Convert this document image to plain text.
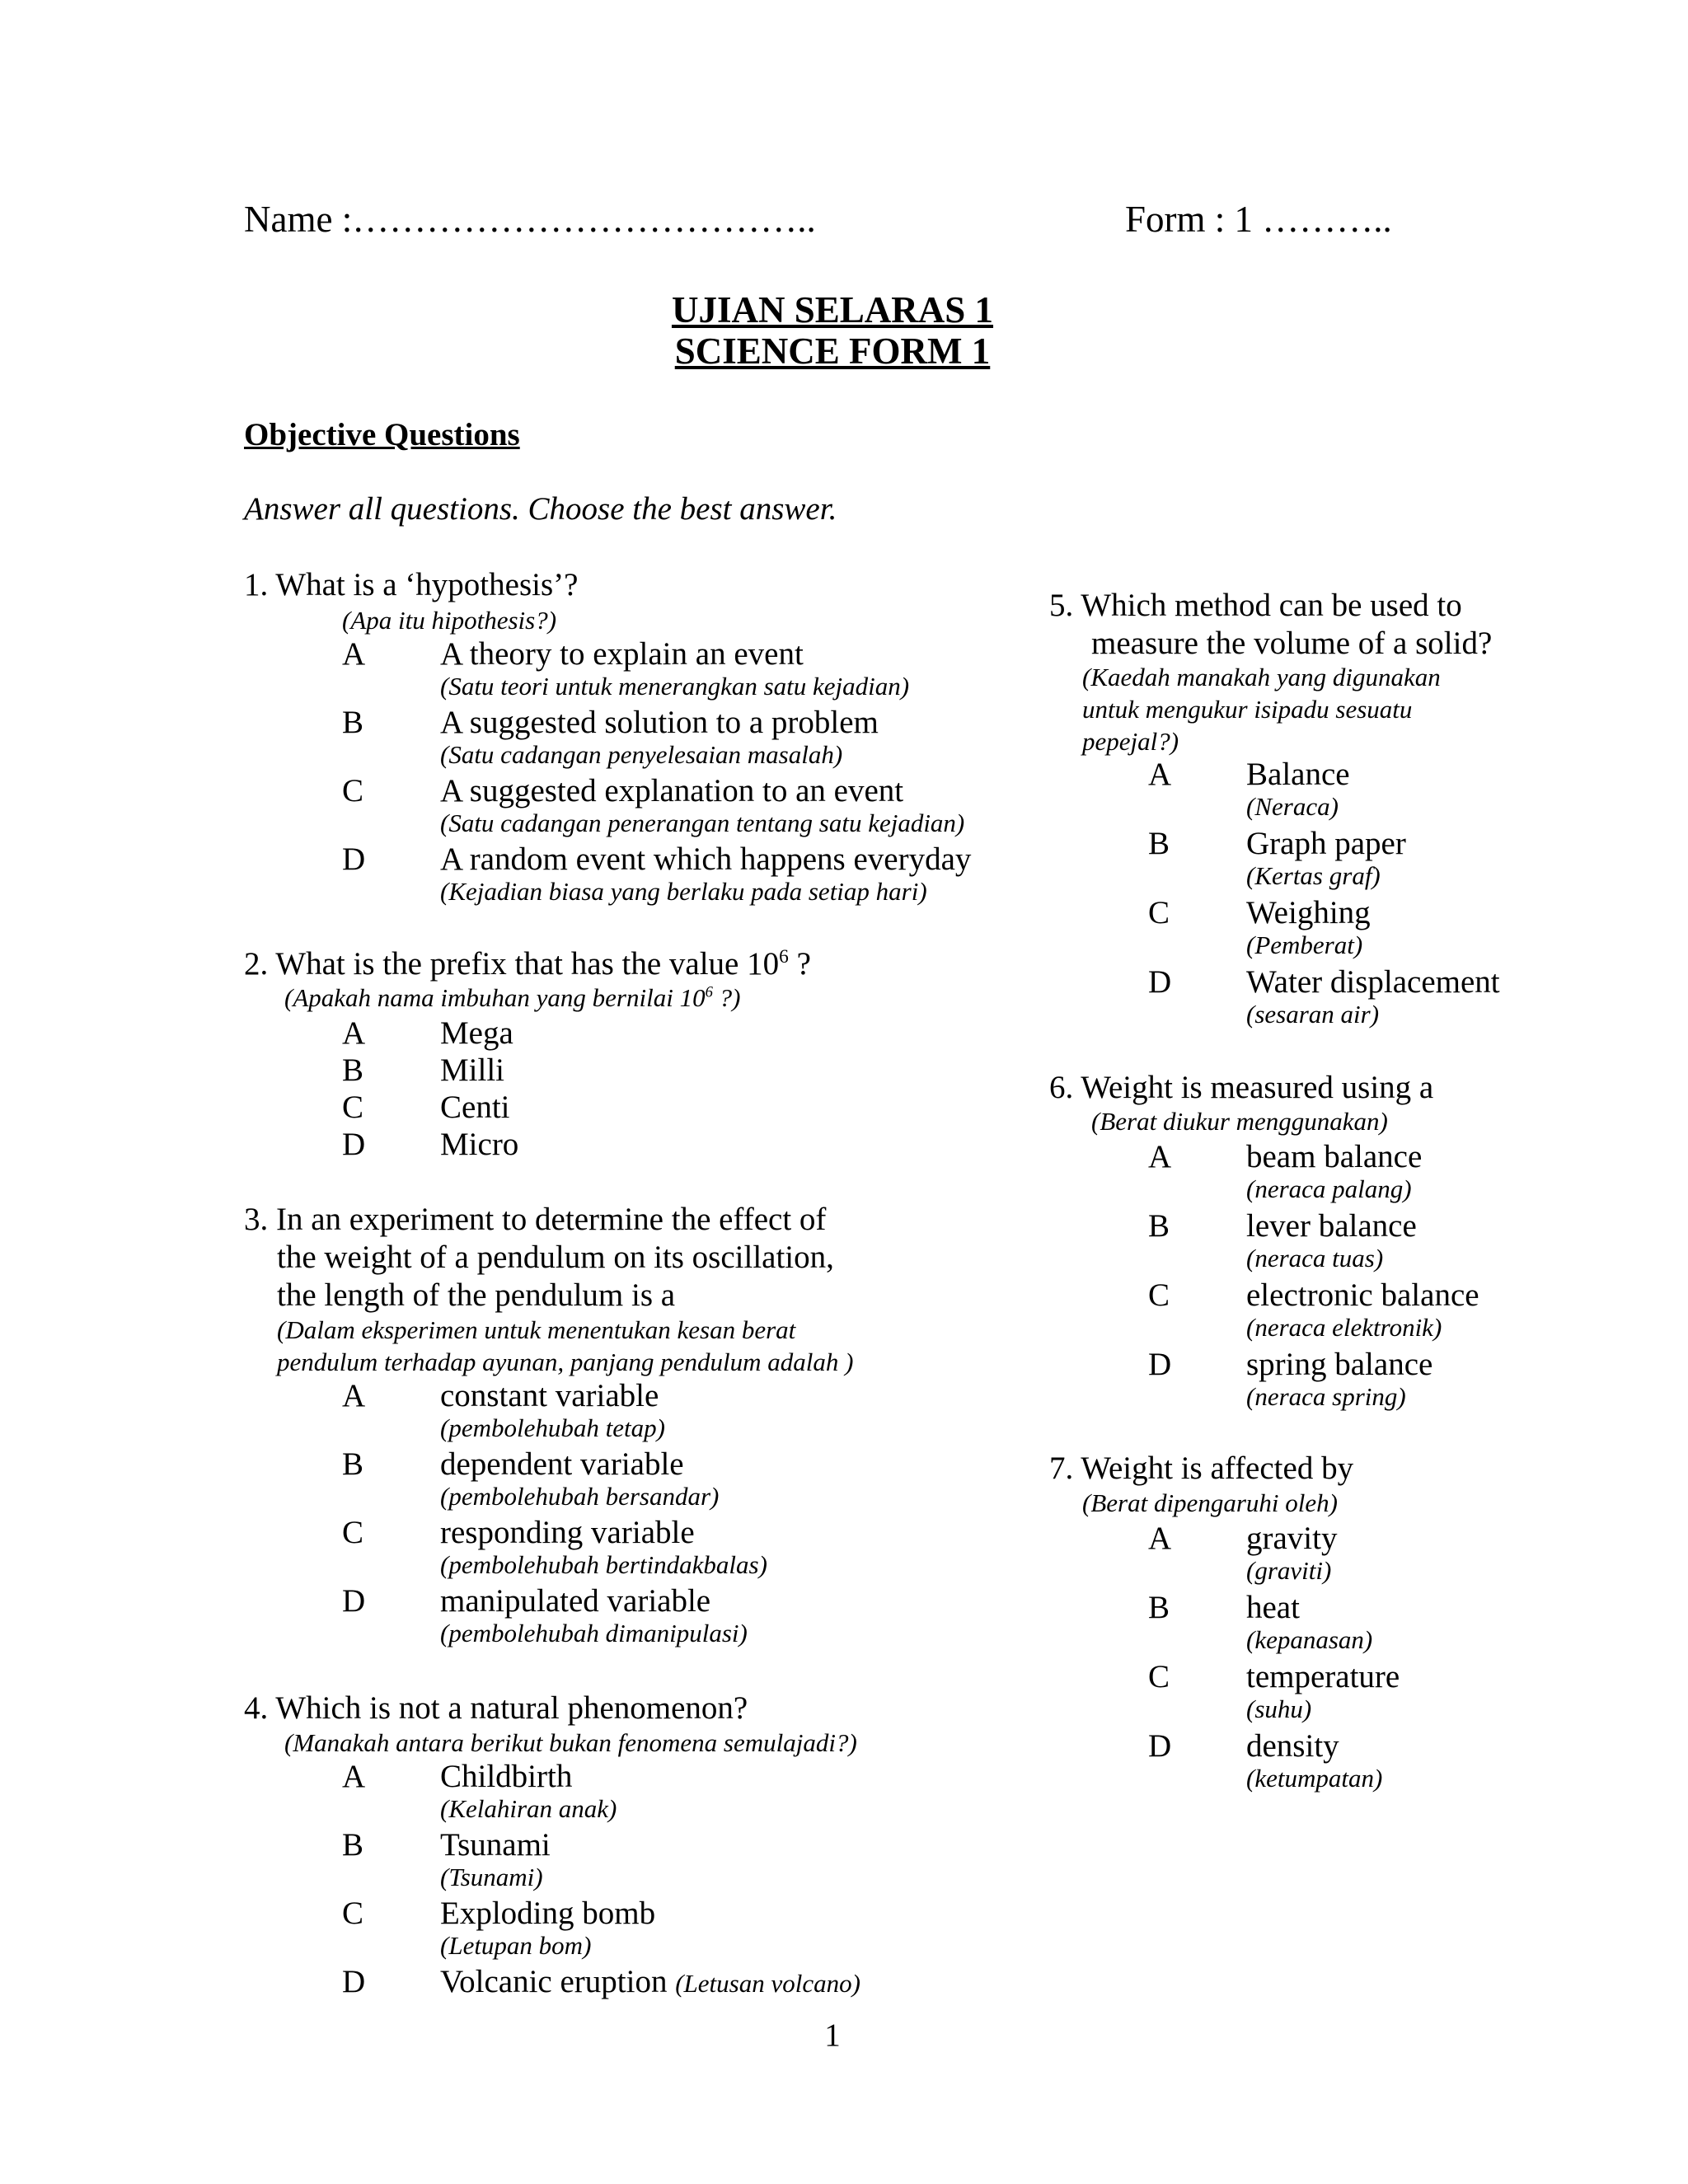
Name :………………………………..	Form : 1 ………..
UJIAN SELARAS 1
SCIENCE FORM 1
Objective Questions
Answer all questions. Choose the best answer.
1. What is a ‘hypothesis’?
(Apa itu hipothesis?)
A A theory to explain an event
(Satu teori untuk menerangkan satu kejadian)
B A suggested solution to a problem
(Satu cadangan penyelesaian masalah)
C A suggested explanation to an event
(Satu cadangan penerangan tentang satu kejadian)
D A random event which happens everyday
(Kejadian biasa yang berlaku pada setiap hari)
2. What is the prefix that has the value $10^6$ ?
(Apakah nama imbuhan yang bernilai $10^6$ ?)
A Mega
B Milli
C Centi
D Micro
3. In an experiment to determine the effect of
the weight of a pendulum on its oscillation,
the length of the pendulum is a
(Dalam eksperimen untuk menentukan kesan berat
pendulum terhadap ayunan, panjang pendulum adalah )
A constant variable
(pembolehubah tetap)
B dependent variable
(pembolehubah bersandar)
C responding variable
(pembolehubah bertindakbalas)
D manipulated variable
(pembolehubah dimanipulasi)
4. Which is not a natural phenomenon?
(Manakah antara berikut bukan fenomena semulajadi?)
A Childbirth
(Kelahiran anak)
B Tsunami
(Tsunami)
C Exploding bomb
(Letupan bom)
D Volcanic eruption (Letusan volcano)
5. Which method can be used to
measure the volume of a solid?
(Kaedah manakah yang digunakan
untuk mengukur isipadu sesuatu
pepejal?)
A Balance
(Neraca)
B Graph paper
(Kertas graf)
C Weighing
(Pemberat)
D Water displacement
(sesaran air)
6. Weight is measured using a
(Berat diukur menggunakan)
A beam balance
(neraca palang)
B lever balance
(neraca tuas)
C electronic balance
(neraca elektronik)
D spring balance
(neraca spring)
7. Weight is affected by
(Berat dipengaruhi oleh)
A gravity
(graviti)
B heat
(kepanasan)
C temperature
(suhu)
D density
(ketumpatan)
1
